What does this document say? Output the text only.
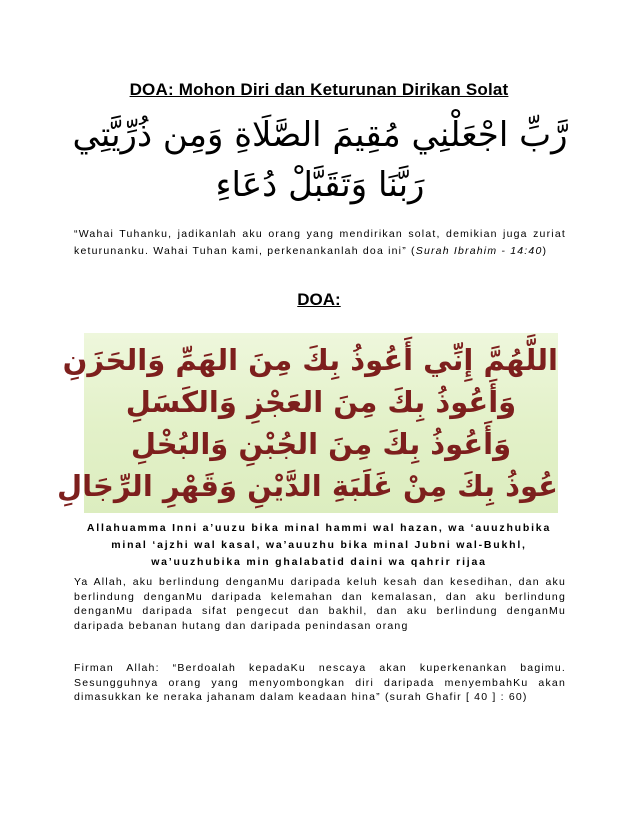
DOA: Mohon Diri dan Keturunan Dirikan Solat
رَّبِّ اجْعَلْنِي مُقِيمَ الصَّلَاةِ وَمِن ذُرِّيَّتِي
رَبَّنَا وَتَقَبَّلْ دُعَاءِ
“Wahai Tuhanku, jadikanlah aku orang yang mendirikan solat, demikian juga zuriat keturunanku. Wahai Tuhan kami, perkenankanlah doa ini” (Surah Ibrahim - 14:40)
DOA:
اللَّهُمَّ إِنِّي أَعُوذُ بِكَ مِنَ الهَمِّ وَالحَزَنِ
وَأَعُوذُ بِكَ مِنَ العَجْزِ وَالكَسَلِ
وَأَعُوذُ بِكَ مِنَ الجُبْنِ وَالبُخْلِ
عُوذُ بِكَ مِنْ غَلَبَةِ الدَّيْنِ وَقَهْرِ الرِّجَالِ
Allahuamma Inni a’uuzu bika minal hammi wal hazan, wa ‘auuzhubika minal ‘ajzhi wal kasal, wa’auuzhu bika minal Jubni wal-Bukhl, wa’uuzhubika min ghalabatid daini wa qahrir rijaa
Ya Allah, aku berlindung denganMu daripada keluh kesah dan kesedihan, dan aku berlindung denganMu daripada kelemahan dan kemalasan, dan aku berlindung denganMu daripada sifat pengecut dan bakhil, dan aku berlindung denganMu daripada bebanan hutang dan daripada penindasan orang
Firman Allah: “Berdoalah kepadaKu nescaya akan kuperkenankan bagimu. Sesungguhnya orang yang menyombongkan diri daripada menyembahKu akan dimasukkan ke neraka jahanam dalam keadaan hina” (surah Ghafir [ 40 ] : 60)
